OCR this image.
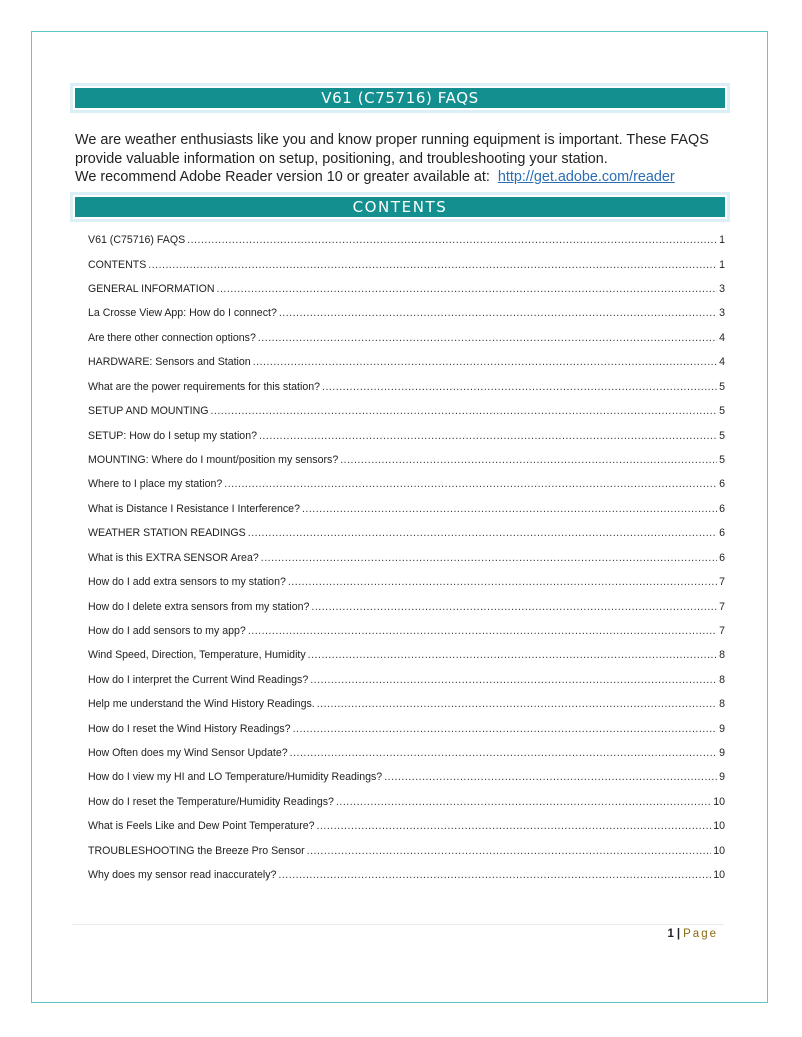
V61 (C75716) FAQS

We are weather enthusiasts like you and know proper running equipment is important. These FAQS provide valuable information on setup, positioning, and troubleshooting your station.

We recommend Adobe Reader version 10 or greater available at: http://get.adobe.com/reader

CONTENTS
V61 (C75716) FAQS .....	1
CONTENTS .....	1
GENERAL INFORMATION .....	3
La Crosse View App: How do I connect? .....	3
Are there other connection options? .....	4
HARDWARE: Sensors and Station .....	4
What are the power requirements for this station? .....	5
SETUP AND MOUNTING .....	5
SETUP: How do I setup my station? .....	5
MOUNTING: Where do I mount/position my sensors? .....	5
Where to I place my station? .....	6
What is Distance I Resistance I Interference? .....	6
WEATHER STATION READINGS .....	6
What is this EXTRA SENSOR Area? .....	6
How do I add extra sensors to my station? .....	7
How do I delete extra sensors from my station? .....	7
How do I add sensors to my app? .....	7
Wind Speed, Direction, Temperature, Humidity .....	8
How do I interpret the Current Wind Readings? .....	8
Help me understand the Wind History Readings. .....	8
How do I reset the Wind History Readings? .....	9
How Often does my Wind Sensor Update? .....	9
How do I view my HI and LO Temperature/Humidity Readings? .....	9
How do I reset the Temperature/Humidity Readings? .....	10
What is Feels Like and Dew Point Temperature? .....	10
TROUBLESHOOTING the Breeze Pro Sensor .....	10
Why does my sensor read inaccurately? .....	10
1 | Page
